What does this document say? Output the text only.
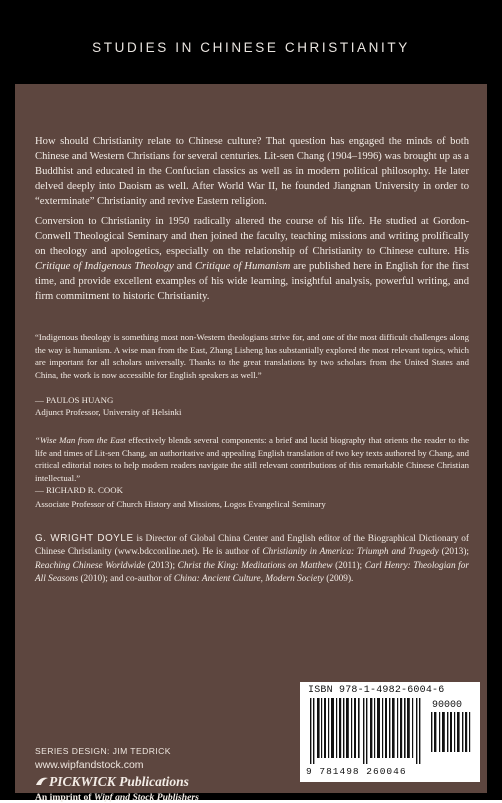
STUDIES IN CHINESE CHRISTIANITY

How should Christianity relate to Chinese culture? That question has engaged the minds of both Chinese and Western Christians for several centuries. Lit-sen Chang (1904–1996) was brought up as a Buddhist and educated in the Confucian classics as well as in modern political philosophy. He later delved deeply into Daoism as well. After World War II, he founded Jiangnan University in order to “exterminate” Christianity and revive Eastern religion.

Conversion to Christianity in 1950 radically altered the course of his life. He studied at Gordon-Conwell Theological Seminary and then joined the faculty, teaching missions and writing prolifically on theology and apologetics, especially on the relationship of Christianity to Chinese culture. His Critique of Indigenous Theology and Critique of Humanism are published here in English for the first time, and provide excellent examples of his wide learning, insightful analysis, powerful writing, and firm commitment to historic Christianity.

“Indigenous theology is something most non-Western theologians strive for, and one of the most difficult challenges along the way is humanism. A wise man from the East, Zhang Lisheng has substantially explored the most relevant topics, which are important for all scholars universally. Thanks to the great translations by two scholars from the United States and China, the work is now accessible for English speakers as well.”

— PAULOS HUANG

Adjunct Professor, University of Helsinki

“Wise Man from the East effectively blends several components: a brief and lucid biography that orients the reader to the life and times of Lit-sen Chang, an authoritative and appealing English translation of two key texts authored by Chang, and critical editorial notes to help modern readers navigate the still relevant contributions of this remarkable Chinese Christian intellectual.”

— RICHARD R. COOK

Associate Professor of Church History and Missions, Logos Evangelical Seminary

G. WRIGHT DOYLE is Director of Global China Center and English editor of the Biographical Dictionary of Chinese Christianity (www.bdcconline.net). He is author of Christianity in America: Triumph and Tragedy (2013); Reaching Chinese Worldwide (2013); Christ the King: Meditations on Matthew (2011); Carl Henry: Theologian for All Seasons (2010); and co-author of China: Ancient Culture, Modern Society (2009).

SERIES DESIGN: JIM TEDRICK
www.wipfandstock.com
PICKWICK Publications
An imprint of Wipf and Stock Publishers
ISBN 978-1-4982-6004-6
90000
9 781498 260046
